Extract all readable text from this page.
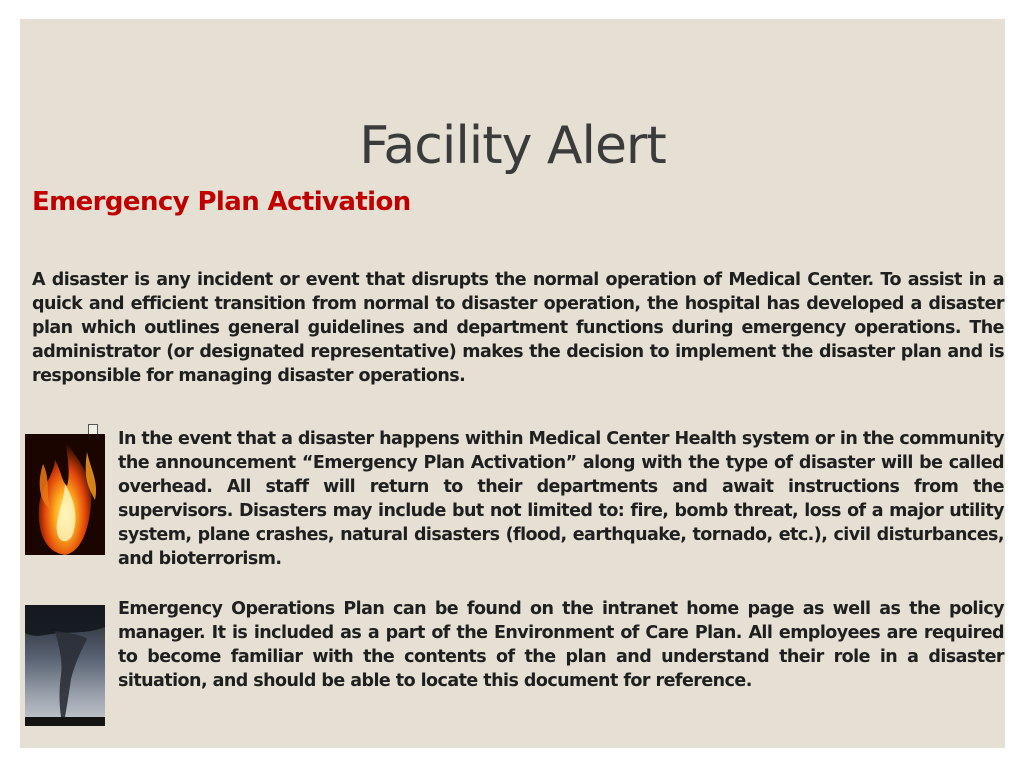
Facility Alert
Emergency Plan Activation

A disaster is any incident or event that disrupts the normal operation of Medical Center. To assist in a quick and efficient transition from normal to disaster operation, the hospital has developed a disaster plan which outlines general guidelines and department functions during emergency operations. The administrator (or designated representative) makes the decision to implement the disaster plan and is responsible for managing disaster operations.

In the event that a disaster happens within Medical Center Health system or in the community the announcement “Emergency Plan Activation” along with the type of disaster will be called overhead. All staff will return to their departments and await instructions from the supervisors. Disasters may include but not limited to: fire, bomb threat, loss of a major utility system, plane crashes, natural disasters (flood, earthquake, tornado, etc.), civil disturbances, and bioterrorism.

Emergency Operations Plan can be found on the intranet home page as well as the policy manager. It is included as a part of the Environment of Care Plan. All employees are required to become familiar with the contents of the plan and understand their role in a disaster situation, and should be able to locate this document for reference.
